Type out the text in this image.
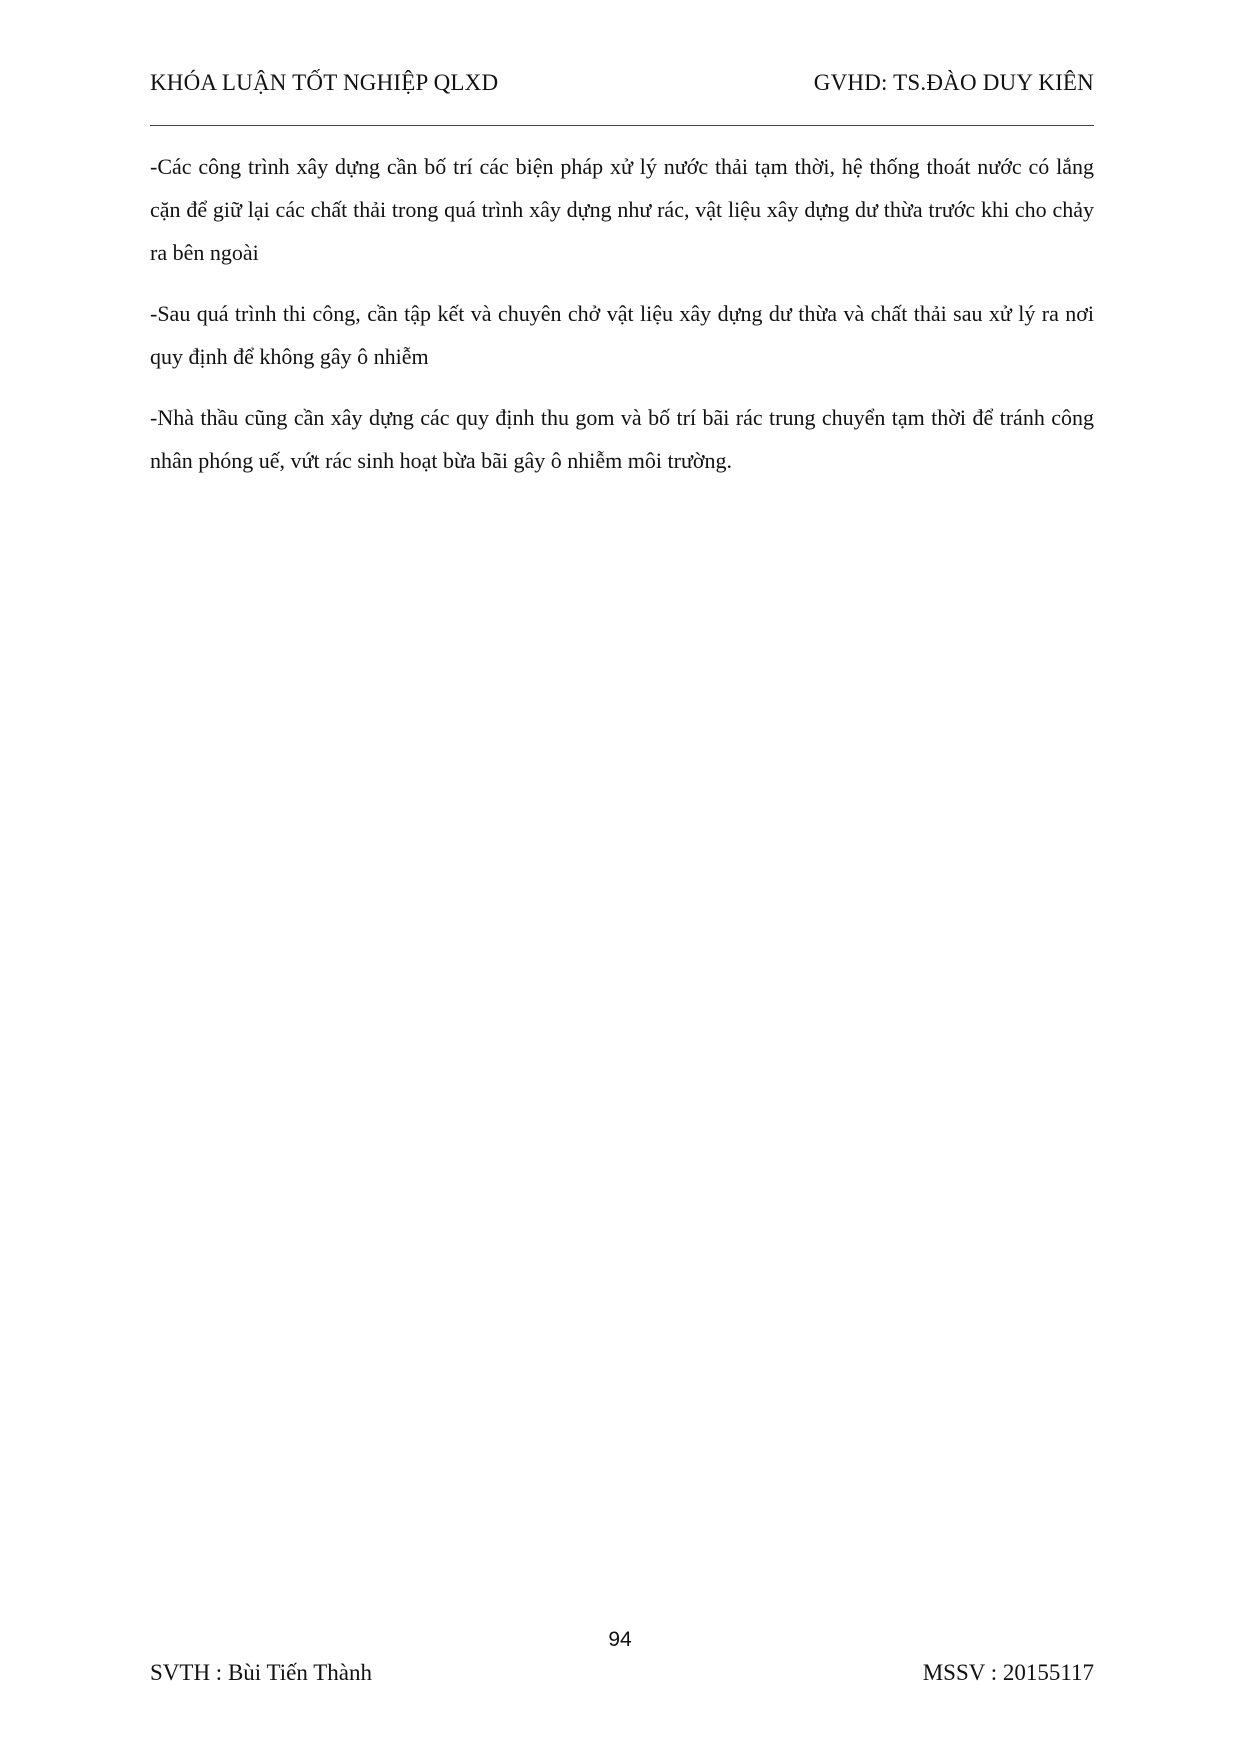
KHÓA LUẬN TỐT NGHIỆP QLXD	GVHD: TS.ĐÀO DUY KIÊN

-Các công trình xây dựng cần bố trí các biện pháp xử lý nước thải tạm thời, hệ thống thoát nước có lắng cặn để giữ lại các chất thải trong quá trình xây dựng như rác, vật liệu xây dựng dư thừa trước khi cho chảy ra bên ngoài

-Sau quá trình thi công, cần tập kết và chuyên chở vật liệu xây dựng dư thừa và chất thải sau xử lý ra nơi quy định để không gây ô nhiễm

-Nhà thầu cũng cần xây dựng các quy định thu gom và bố trí bãi rác trung chuyển tạm thời để tránh công nhân phóng uế, vứt rác sinh hoạt bừa bãi gây ô nhiễm môi trường.

94
SVTH : Bùi Tiến Thành	MSSV : 20155117
